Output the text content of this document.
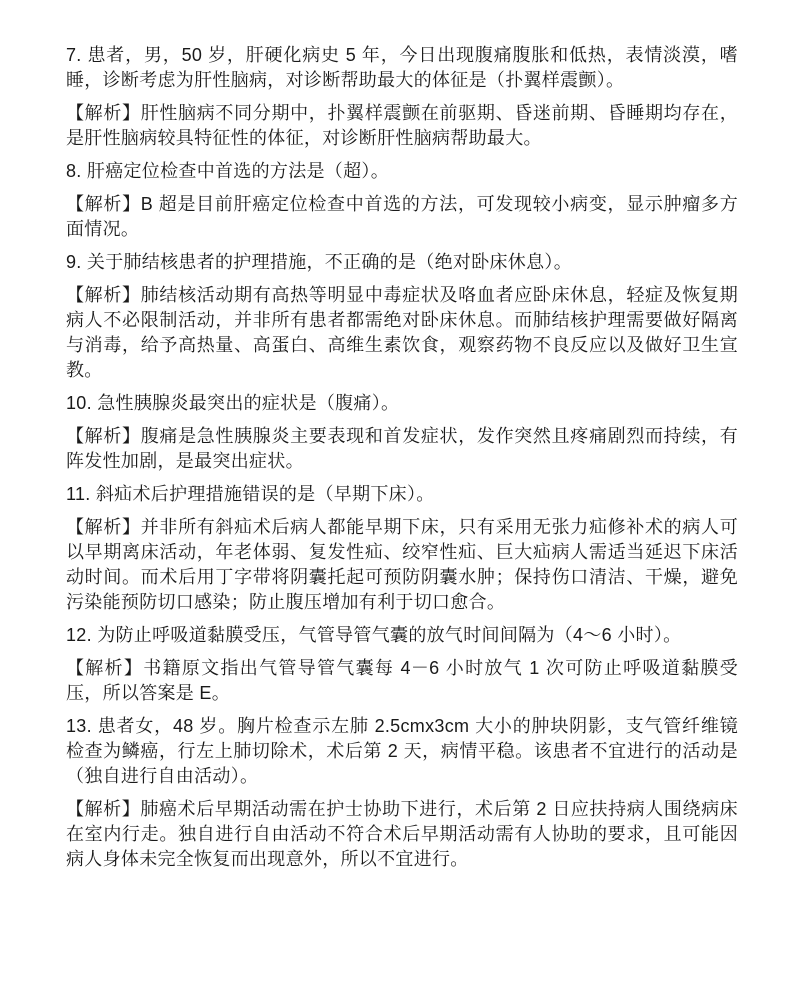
7. 患者，男，50 岁，肝硬化病史 5 年，今日出现腹痛腹胀和低热，表情淡漠，嗜睡，诊断考虑为肝性脑病，对诊断帮助最大的体征是（扑翼样震颤）。

【解析】肝性脑病不同分期中，扑翼样震颤在前驱期、昏迷前期、昏睡期均存在，是肝性脑病较具特征性的体征，对诊断肝性脑病帮助最大。

8. 肝癌定位检查中首选的方法是（超）。

【解析】B 超是目前肝癌定位检查中首选的方法，可发现较小病变，显示肿瘤多方面情况。

9. 关于肺结核患者的护理措施，不正确的是（绝对卧床休息）。

【解析】肺结核活动期有高热等明显中毒症状及咯血者应卧床休息，轻症及恢复期病人不必限制活动，并非所有患者都需绝对卧床休息。而肺结核护理需要做好隔离与消毒，给予高热量、高蛋白、高维生素饮食，观察药物不良反应以及做好卫生宣教。

10. 急性胰腺炎最突出的症状是（腹痛）。

【解析】腹痛是急性胰腺炎主要表现和首发症状，发作突然且疼痛剧烈而持续，有阵发性加剧，是最突出症状。

11. 斜疝术后护理措施错误的是（早期下床）。

【解析】并非所有斜疝术后病人都能早期下床，只有采用无张力疝修补术的病人可以早期离床活动，年老体弱、复发性疝、绞窄性疝、巨大疝病人需适当延迟下床活动时间。而术后用丁字带将阴囊托起可预防阴囊水肿；保持伤口清洁、干燥，避免污染能预防切口感染；防止腹压增加有利于切口愈合。

12. 为防止呼吸道黏膜受压，气管导管气囊的放气时间间隔为（4～6 小时）。

【解析】书籍原文指出气管导管气囊每 4－6 小时放气 1 次可防止呼吸道黏膜受压，所以答案是 E。

13. 患者女，48 岁。胸片检查示左肺 2.5cmx3cm 大小的肿块阴影，支气管纤维镜检查为鳞癌，行左上肺切除术，术后第 2 天，病情平稳。该患者不宜进行的活动是（独自进行自由活动）。

【解析】肺癌术后早期活动需在护士协助下进行，术后第 2 日应扶持病人围绕病床在室内行走。独自进行自由活动不符合术后早期活动需有人协助的要求，且可能因病人身体未完全恢复而出现意外，所以不宜进行。
